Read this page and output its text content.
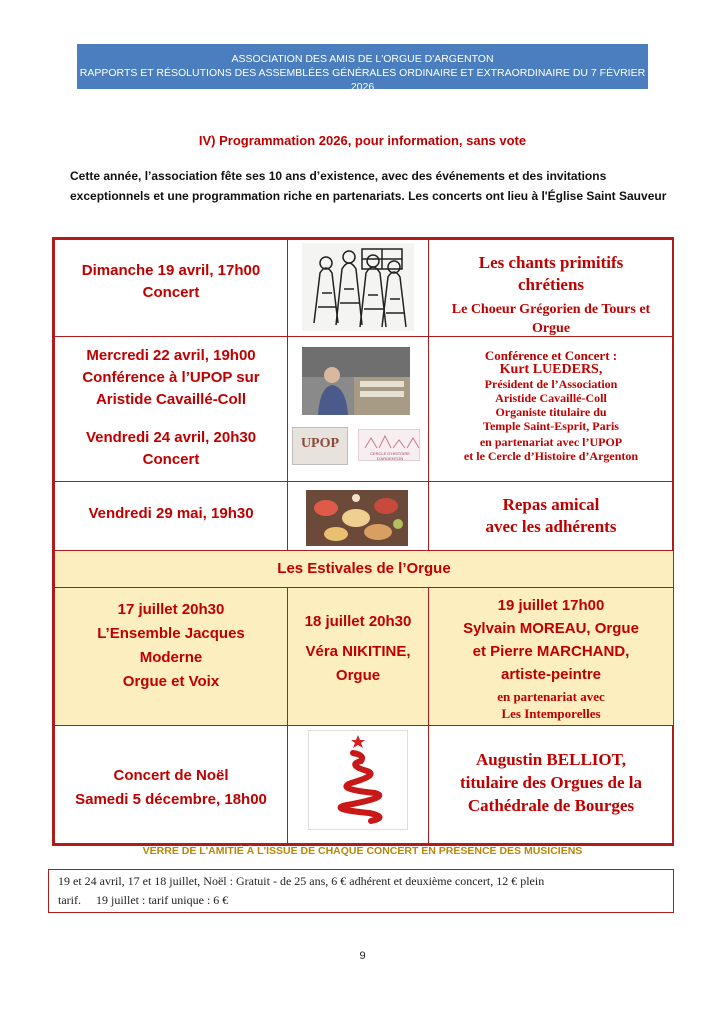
ASSOCIATION DES AMIS DE L'ORGUE D'ARGENTON
RAPPORTS ET RÉSOLUTIONS DES ASSEMBLÉES GÉNÉRALES ORDINAIRE ET EXTRAORDINAIRE DU 7 FÉVRIER 2026
IV) Programmation 2026, pour information, sans vote
Cette année, l’association fête ses 10 ans d’existence, avec des événements et des invitations exceptionnels et une programmation riche en partenariats. Les concerts ont lieu à l'Église Saint Sauveur
Dimanche 19 avril, 17h00
Concert
Les chants primitifs chrétiens
Le Choeur Grégorien de Tours et Orgue
Mercredi 22 avril, 19h00
Conférence à l’UPOP sur
Aristide Cavaillé-Coll
Vendredi 24 avril, 20h30
Concert
UPOP
CERCLE D'HISTOIRE D'ARGENTON
Conférence et Concert :
Kurt LUEDERS,
Président de l’Association
Aristide Cavaillé-Coll
Organiste titulaire du
Temple Saint-Esprit, Paris
en partenariat avec l’UPOP
et le Cercle d’Histoire d’Argenton
Vendredi 29 mai, 19h30	Repas amical
avec les adhérents
Les Estivales de l’Orgue
17 juillet 20h30
L’Ensemble Jacques
Moderne
Orgue et Voix
18 juillet 20h30
Véra NIKITINE,
Orgue
19 juillet 17h00
Sylvain MOREAU, Orgue
et Pierre MARCHAND,
artiste-peintre
en partenariat avec
Les Intemporelles
Concert de Noël
Samedi 5 décembre, 18h00
Augustin BELLIOT,
titulaire des Orgues de la
Cathédrale de Bourges
VERRE DE L'AMITIÉ À L'ISSUE DE CHAQUE CONCERT EN PRÉSENCE DES MUSICIENS
19 et 24 avril, 17 et 18 juillet, Noël : Gratuit - de 25 ans, 6 € adhérent et deuxième concert, 12 € plein
tarif.     19 juillet : tarif unique : 6 €
9
